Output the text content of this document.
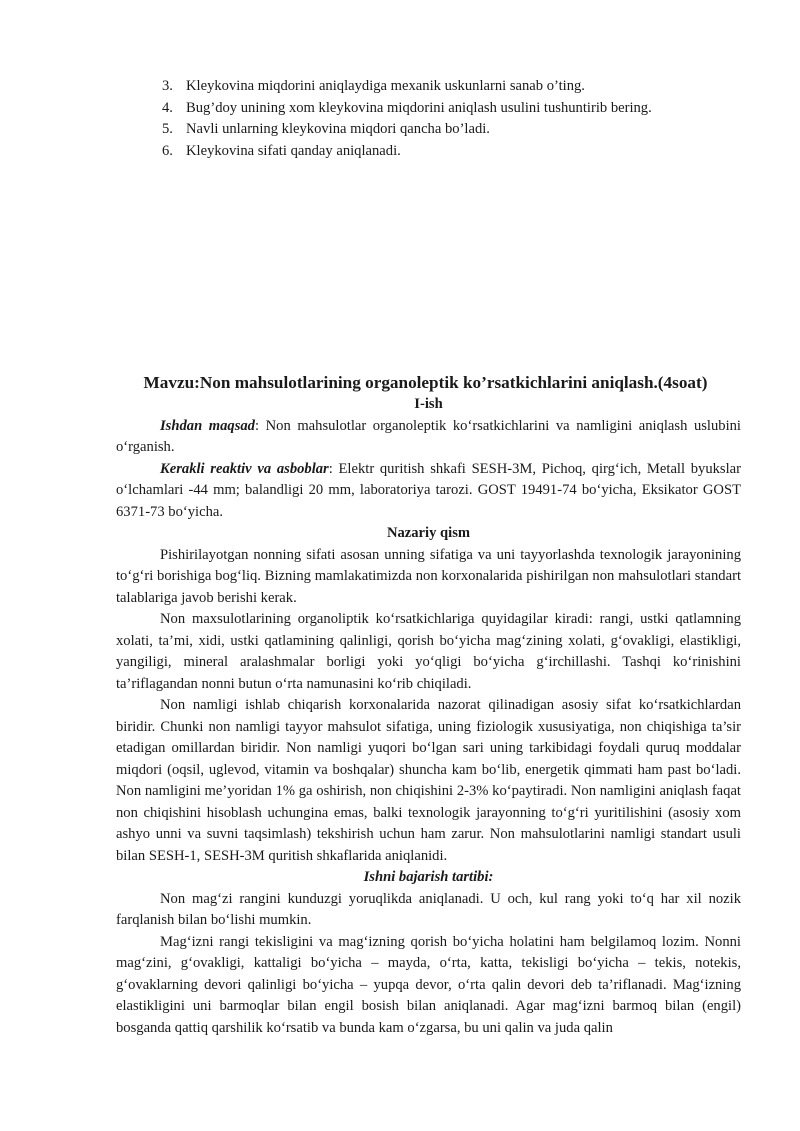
3. Kleykovina miqdorini aniqlaydiga mexanik uskunlarni sanab o’ting.
4. Bug’doy unining xom kleykovina miqdorini aniqlash usulini tushuntirib bering.
5. Navli unlarning kleykovina miqdori qancha bo’ladi.
6. Kleykovina sifati qanday aniqlanadi.
Mavzu:Non mahsulotlarining organoleptik ko’rsatkichlarini aniqlash.(4soat)
I-ish

Ishdan maqsad: Non mahsulotlar organoleptik ko‘rsatkichlarini va namligini aniqlash uslubini o‘rganish.

Kerakli reaktiv va asboblar: Elektr quritish shkafi SESH-3M, Pichoq, qirg‘ich, Metall byukslar o‘lchamlari -44 mm; balandligi 20 mm, laboratoriya tarozi. GOST 19491-74 bo‘yicha, Eksikator GOST 6371-73 bo‘yicha.

Nazariy qism

Pishirilayotgan nonning sifati asosan unning sifatiga va uni tayyorlashda texnologik jarayonining to‘g‘ri borishiga bog‘liq. Bizning mamlakatimizda non korxonalarida pishirilgan non mahsulotlari standart talablariga javob berishi kerak.

Non maxsulotlarining organoliptik ko‘rsatkichlariga quyidagilar kiradi: rangi, ustki qatlamning xolati, ta’mi, xidi, ustki qatlamining qalinligi, qorish bo‘yicha mag‘zining xolati, g‘ovakligi, elastikligi, yangiligi, mineral aralashmalar borligi yoki yo‘qligi bo‘yicha g‘irchillashi. Tashqi ko‘rinishini ta’riflagandan nonni butun o‘rta namunasini ko‘rib chiqiladi.

Non namligi ishlab chiqarish korxonalarida nazorat qilinadigan asosiy sifat ko‘rsatkichlardan biridir. Chunki non namligi tayyor mahsulot sifatiga, uning fiziologik xususiyatiga, non chiqishiga ta’sir etadigan omillardan biridir. Non namligi yuqori bo‘lgan sari uning tarkibidagi foydali quruq moddalar miqdori (oqsil, uglevod, vitamin va boshqalar) shuncha kam bo‘lib, energetik qimmati ham past bo‘ladi. Non namligini me’yoridan 1% ga oshirish, non chiqishini 2-3% ko‘paytiradi. Non namligini aniqlash faqat non chiqishini hisoblash uchungina emas, balki texnologik jarayonning to‘g‘ri yuritilishini (asosiy xom ashyo unni va suvni taqsimlash) tekshirish uchun ham zarur. Non mahsulotlarini namligi standart usuli bilan SESH-1, SESH-3M quritish shkaflarida aniqlanidi.

Ishni bajarish tartibi:

Non mag‘zi rangini kunduzgi yoruqlikda aniqlanadi. U och, kul rang yoki to‘q har xil nozik farqlanish bilan bo‘lishi mumkin.

Mag‘izni rangi tekisligini va mag‘izning qorish bo‘yicha holatini ham belgilamoq lozim. Nonni mag‘zini, g‘ovakligi, kattaligi bo‘yicha – mayda, o‘rta, katta, tekisligi bo‘yicha – tekis, notekis, g‘ovaklarning devori qalinligi bo‘yicha – yupqa devor, o‘rta qalin devori deb ta’riflanadi. Mag‘izning elastikligini uni barmoqlar bilan engil bosish bilan aniqlanadi. Agar mag‘izni barmoq bilan (engil) bosganda qattiq qarshilik ko‘rsatib va bunda kam o‘zgarsa, bu uni qalin va juda qalin
